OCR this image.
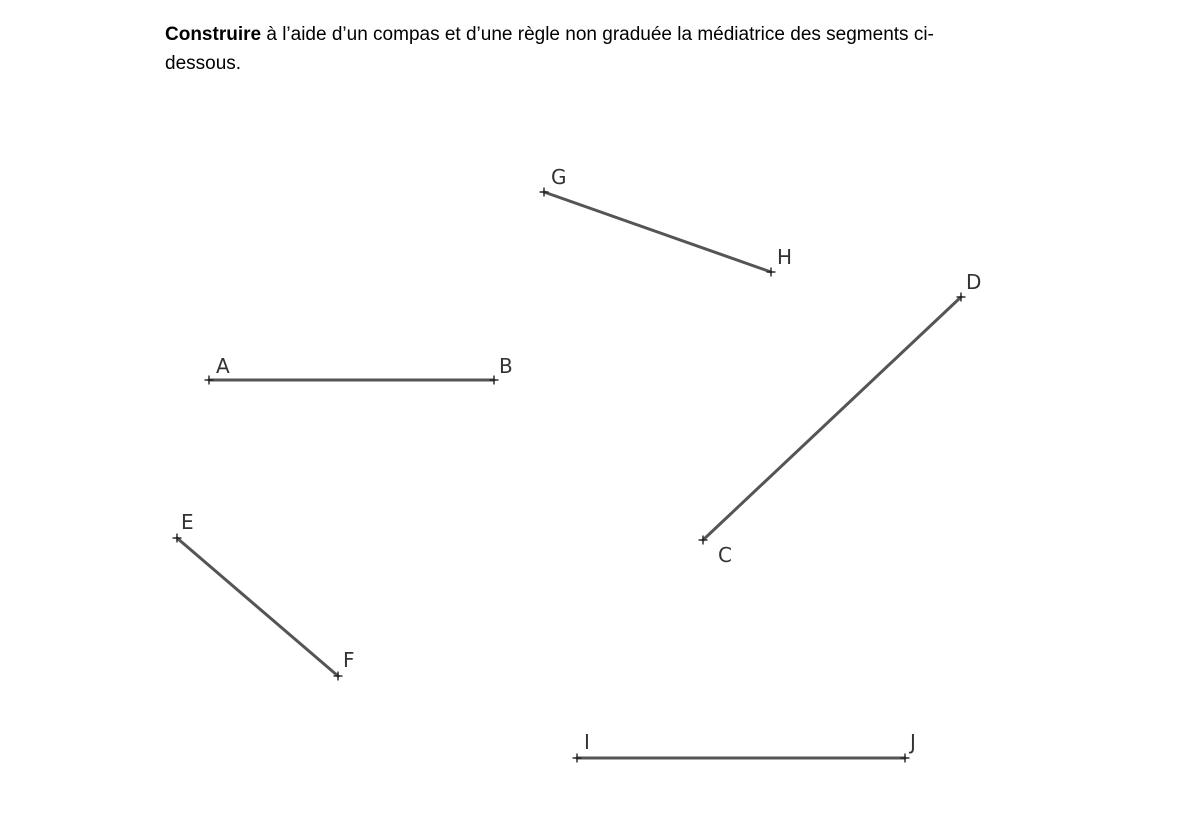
Construire à l’aide d’un compas et d’une règle non graduée la médiatrice des segments ci-dessous.

A	B
G
H
C
D
E
F
I	J
